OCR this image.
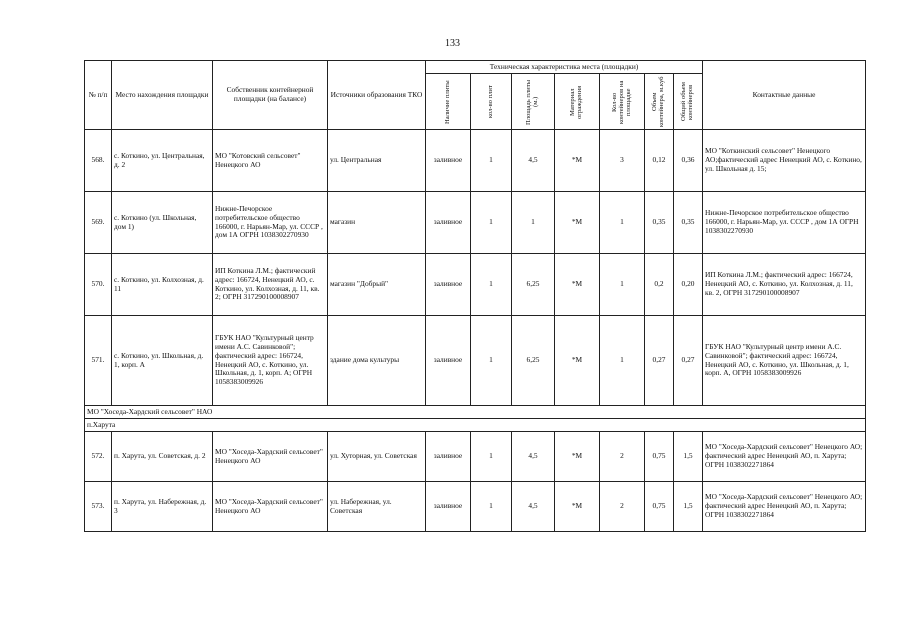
133
№ п/п	Место нахождения площадки	Собственник контейнерной площадки (на балансе)	Источники образования ТКО	Техническая характеристика места (площадки)							Контактные данные

				Наличие плиты	кол-во плит	Площадь плиты (м.)	Материал ограждения	Кол-во контейнеров на площадке	Объем контейнера, м.куб	Общий объем контейнеров	

568.	с. Коткино, ул. Центральная, д. 2	МО "Котовский сельсовет" Ненецкого АО	ул. Центральная	заливное	1	4,5	*М	3	0,12	0,36	МО "Коткинский сельсовет" Ненецкого АО;фактический адрес Ненецкий АО, с. Коткино, ул. Школьная д. 15;
569.	с. Коткино (ул. Школьная, дом 1)	Нижне-Печорское потребительское общество 166000, г. Нарьян-Мар, ул. СССР , дом 1А ОГРН 1038302270930	магазин	заливное	1	1	*М	1	0,35	0,35	Нижне-Печорское потребительское общество 166000, г. Нарьян-Мар, ул. СССР , дом 1А ОГРН 1038302270930
570.	с. Коткино, ул. Колхозная, д. 11	ИП Коткина Л.М.; фактический адрес: 166724, Ненецкий АО, с. Коткино, ул. Колхозная, д. 11, кв. 2; ОГРН 317290100008907	магазин "Добрый"	заливное	1	6,25	*М	1	0,2	0,20	ИП Коткина Л.М.; фактический адрес: 166724, Ненецкий АО, с. Коткино, ул. Колхозная, д. 11, кв. 2, ОГРН 317290100008907
571.	с. Коткино, ул. Школьная, д. 1, корп. А	ГБУК НАО "Культурный центр имени А.С. Савинковой"; фактический адрес: 166724, Ненецкий АО, с. Коткино, ул. Школьная, д. 1, корп. А; ОГРН 1058383009926	здание дома культуры	заливное	1	6,25	*М	1	0,27	0,27	ГБУК НАО "Культурный центр имени А.С. Савинковой"; фактический адрес: 166724, Ненецкий АО, с. Коткино, ул. Школьная, д. 1, корп. А, ОГРН 1058383009926
МО "Хоседа-Хардский сельсовет" НАО											
п.Харута											
572.	п. Харута, ул. Советская, д. 2	МО "Хоседа-Хардский сельсовет" Ненецкого АО	ул. Хуторная, ул. Советская	заливное	1	4,5	*М	2	0,75	1,5	МО "Хоседа-Хардский сельсовет" Ненецкого АО; фактический адрес Ненецкий АО, п. Харута; ОГРН 1038302271864
573.	п. Харута, ул. Набережная, д. 3	МО "Хоседа-Хардский сельсовет" Ненецкого АО	ул. Набережная, ул. Советская	заливное	1	4,5	*М	2	0,75	1,5	МО "Хоседа-Хардский сельсовет" Ненецкого АО; фактический адрес Ненецкий АО, п. Харута; ОГРН 1038302271864
